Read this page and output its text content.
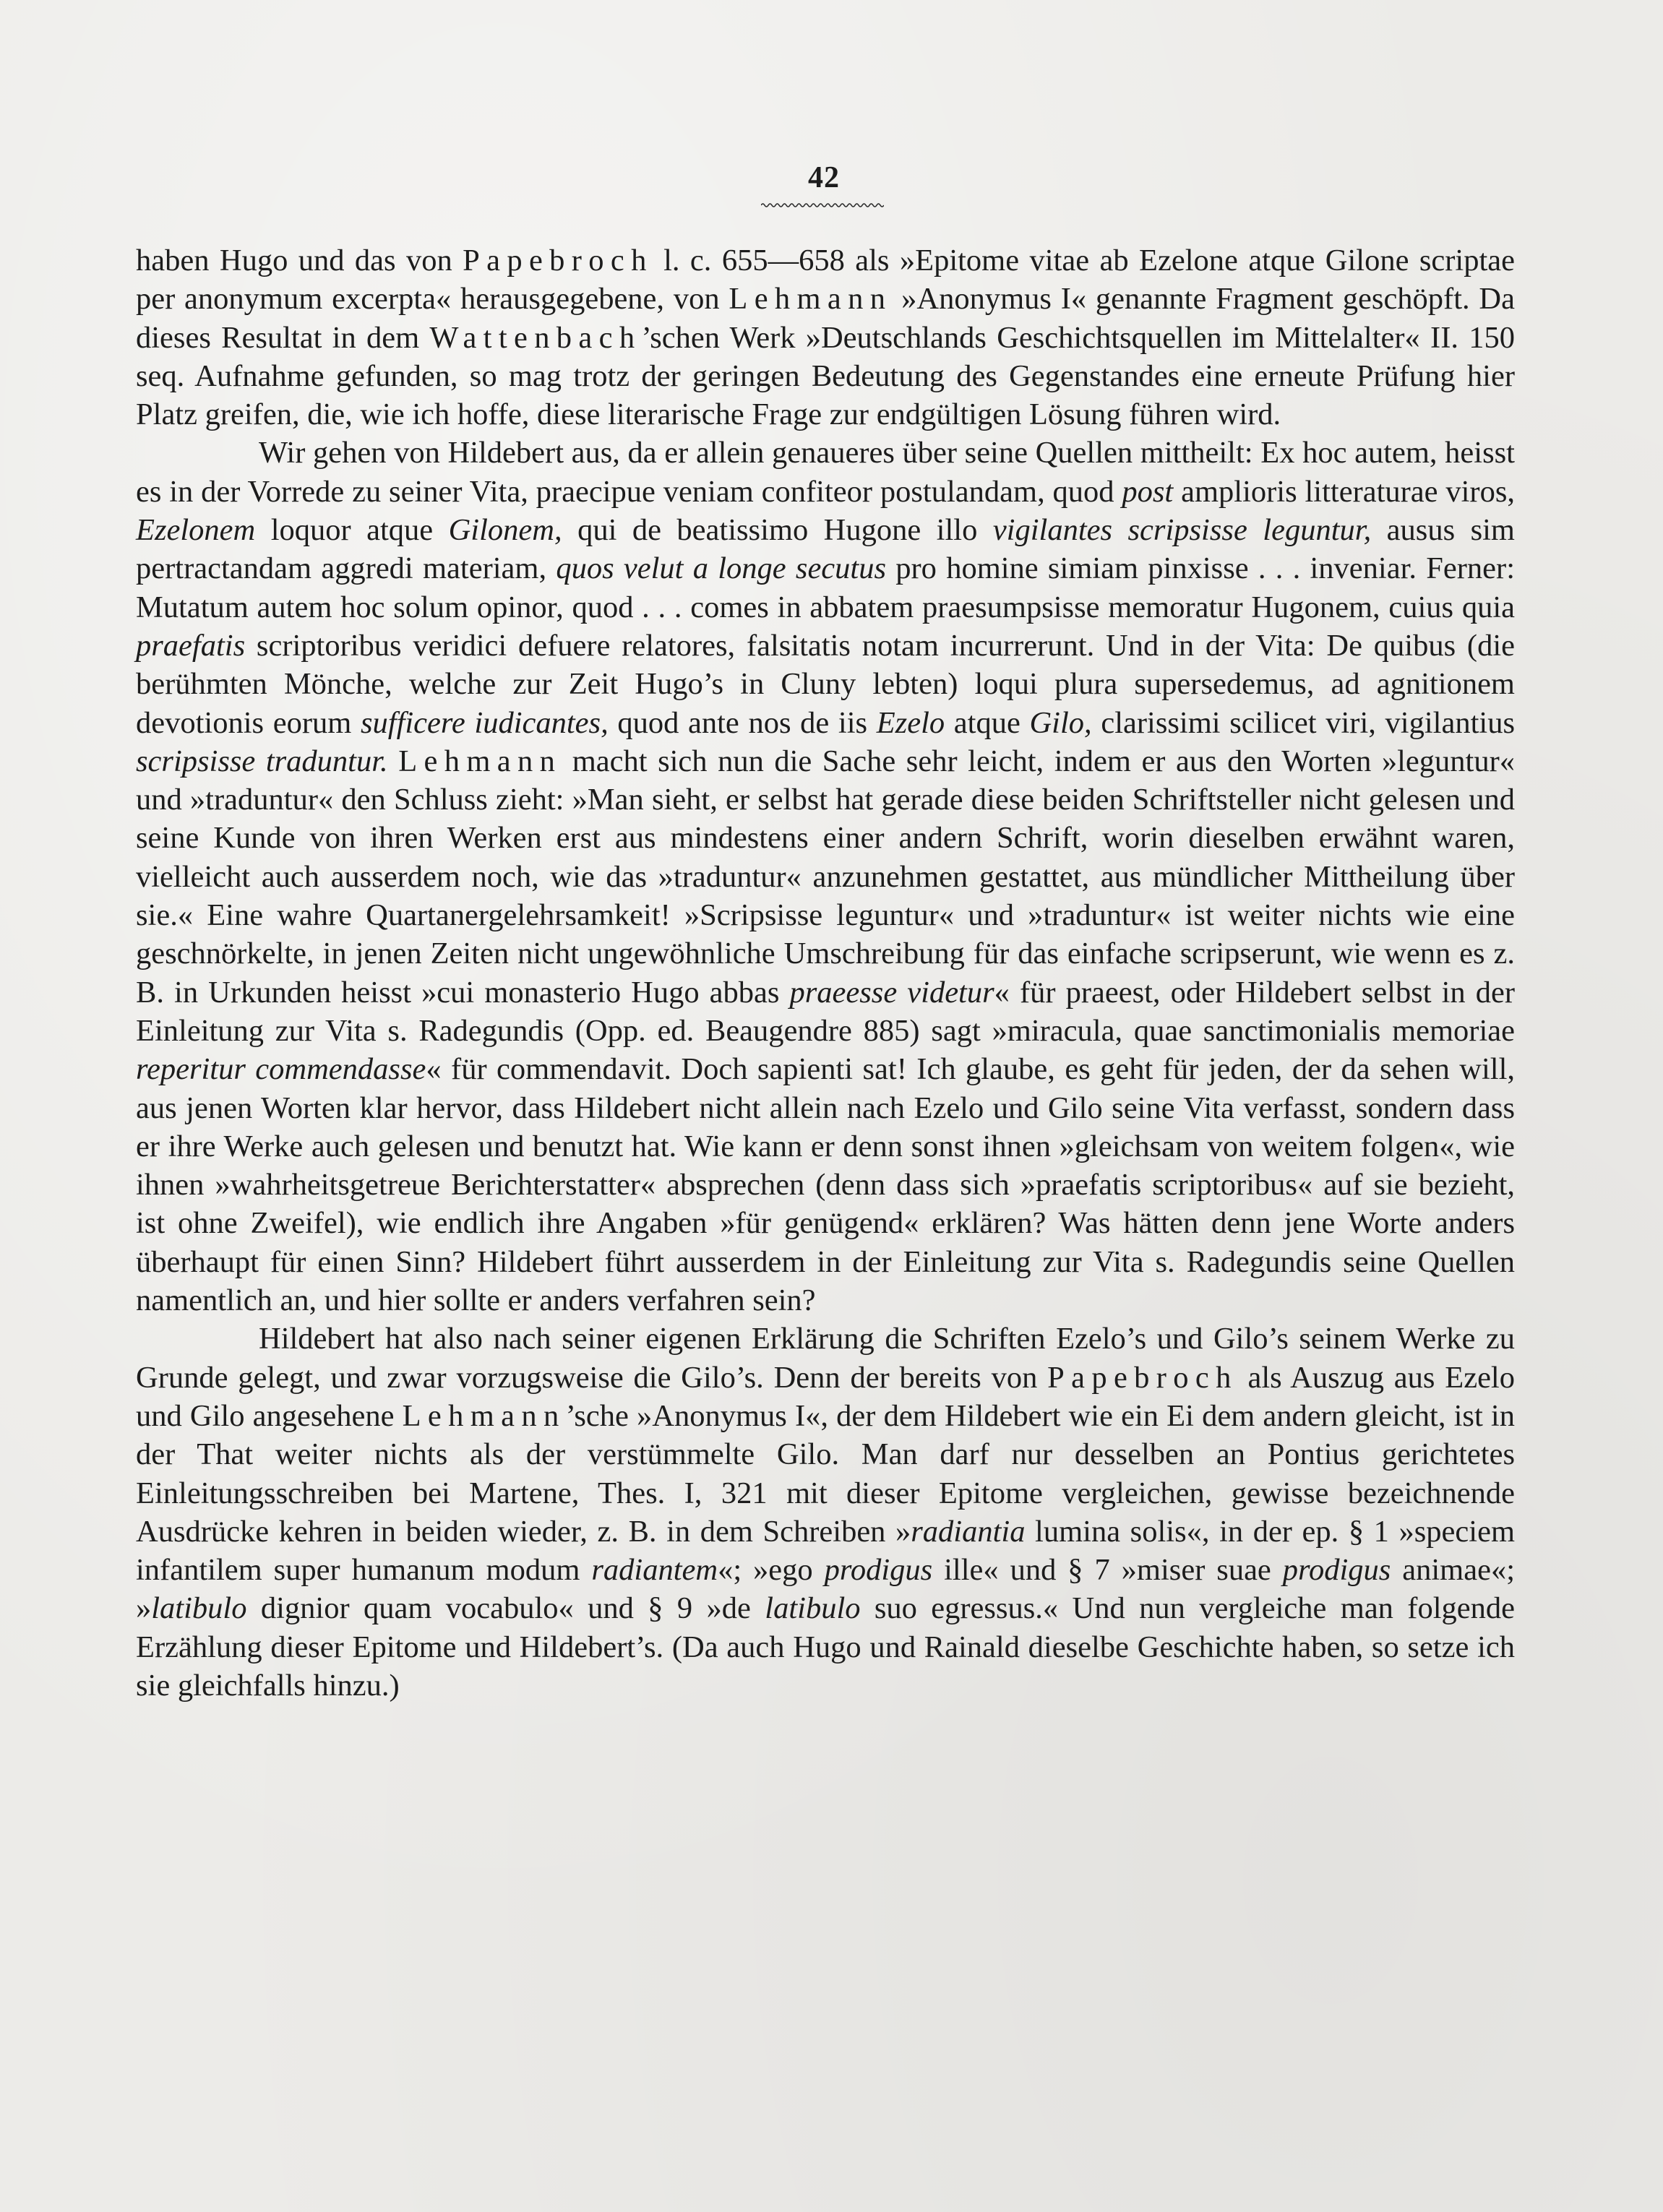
42

haben Hugo und das von Papebroch l. c. 655—658 als »Epitome vitae ab Ezelone atque Gilone scriptae per anonymum excerpta« herausgegebene, von Lehmann »Anonymus I« genannte Fragment geschöpft. Da dieses Resultat in dem Wattenbach’schen Werk »Deutschlands Geschichtsquellen im Mittelalter« II. 150 seq. Aufnahme gefunden, so mag trotz der geringen Bedeutung des Gegenstandes eine erneute Prüfung hier Platz greifen, die, wie ich hoffe, diese literarische Frage zur endgültigen Lösung führen wird.

Wir gehen von Hildebert aus, da er allein genaueres über seine Quellen mittheilt: Ex hoc autem, heisst es in der Vorrede zu seiner Vita, praecipue veniam confiteor postulandam, quod post amplioris litteraturae viros, Ezelonem loquor atque Gilonem, qui de beatissimo Hugone illo vigilantes scripsisse leguntur, ausus sim pertractandam aggredi materiam, quos velut a longe secutus pro homine simiam pinxisse . . . inveniar. Ferner: Mutatum autem hoc solum opinor, quod . . . comes in abbatem praesumpsisse memoratur Hugonem, cuius quia praefatis scriptoribus veridici defuere relatores, falsitatis notam incurrerunt. Und in der Vita: De quibus (die berühmten Mönche, welche zur Zeit Hugo’s in Cluny lebten) loqui plura supersedemus, ad agnitionem devotionis eorum sufficere iudicantes, quod ante nos de iis Ezelo atque Gilo, clarissimi scilicet viri, vigilantius scripsisse traduntur. Lehmann macht sich nun die Sache sehr leicht, indem er aus den Worten »leguntur« und »traduntur« den Schluss zieht: »Man sieht, er selbst hat gerade diese beiden Schriftsteller nicht gelesen und seine Kunde von ihren Werken erst aus mindestens einer andern Schrift, worin dieselben erwähnt waren, vielleicht auch ausserdem noch, wie das »traduntur« anzunehmen gestattet, aus mündlicher Mittheilung über sie.« Eine wahre Quartanergelehrsamkeit! »Scripsisse leguntur« und »traduntur« ist weiter nichts wie eine geschnörkelte, in jenen Zeiten nicht ungewöhnliche Umschreibung für das einfache scripserunt, wie wenn es z. B. in Urkunden heisst »cui monasterio Hugo abbas praeesse videtur« für praeest, oder Hildebert selbst in der Einleitung zur Vita s. Radegundis (Opp. ed. Beaugendre 885) sagt »miracula, quae sanctimonialis memoriae reperitur commendasse« für commendavit. Doch sapienti sat! Ich glaube, es geht für jeden, der da sehen will, aus jenen Worten klar hervor, dass Hildebert nicht allein nach Ezelo und Gilo seine Vita verfasst, sondern dass er ihre Werke auch gelesen und benutzt hat. Wie kann er denn sonst ihnen »gleichsam von weitem folgen«, wie ihnen »wahrheitsgetreue Berichterstatter« absprechen (denn dass sich »praefatis scriptoribus« auf sie bezieht, ist ohne Zweifel), wie endlich ihre Angaben »für genügend« erklären? Was hätten denn jene Worte anders überhaupt für einen Sinn? Hildebert führt ausserdem in der Einleitung zur Vita s. Radegundis seine Quellen namentlich an, und hier sollte er anders verfahren sein?

Hildebert hat also nach seiner eigenen Erklärung die Schriften Ezelo’s und Gilo’s seinem Werke zu Grunde gelegt, und zwar vorzugsweise die Gilo’s. Denn der bereits von Papebroch als Auszug aus Ezelo und Gilo angesehene Lehmann’sche »Anonymus I«, der dem Hildebert wie ein Ei dem andern gleicht, ist in der That weiter nichts als der verstümmelte Gilo. Man darf nur desselben an Pontius gerichtetes Einleitungsschreiben bei Martene, Thes. I, 321 mit dieser Epitome vergleichen, gewisse bezeichnende Ausdrücke kehren in beiden wieder, z. B. in dem Schreiben »radiantia lumina solis«, in der ep. § 1 »speciem infantilem super humanum modum radiantem«; »ego prodigus ille« und § 7 »miser suae prodigus animae«; »latibulo dignior quam vocabulo« und § 9 »de latibulo suo egressus.« Und nun vergleiche man folgende Erzählung dieser Epitome und Hildebert’s. (Da auch Hugo und Rainald dieselbe Geschichte haben, so setze ich sie gleichfalls hinzu.)
